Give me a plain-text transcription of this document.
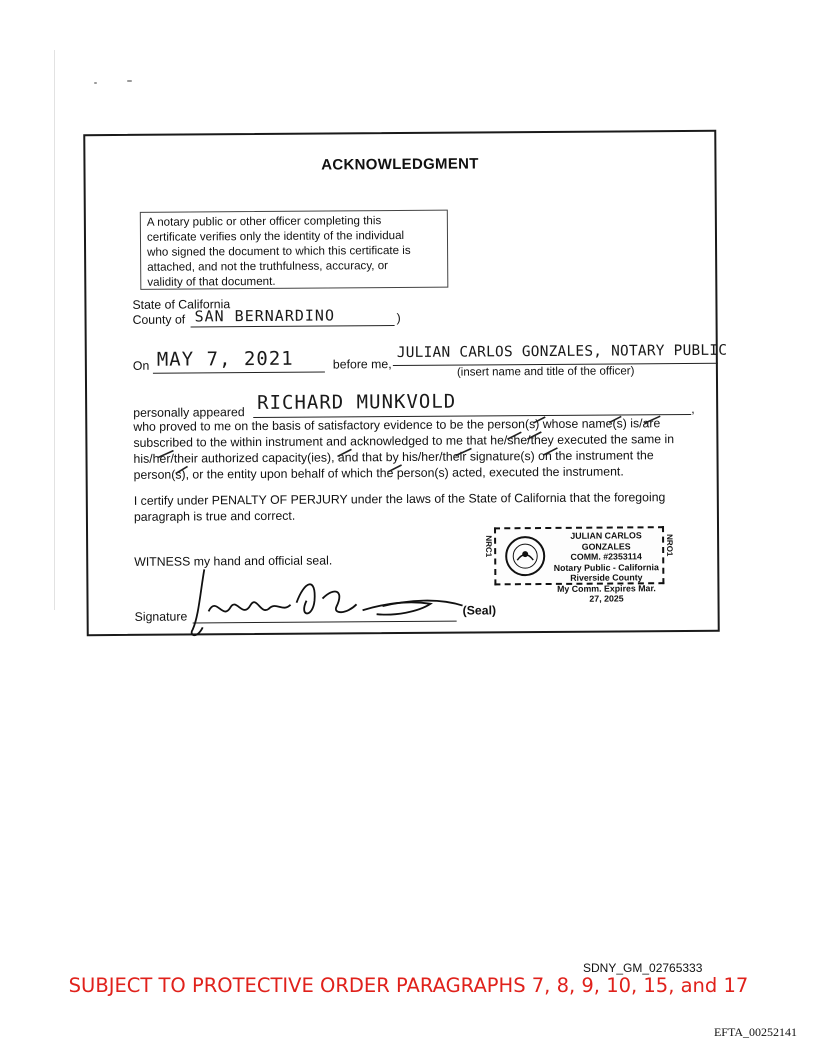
ACKNOWLEDGMENT
A notary public or other officer completing this
certificate verifies only the identity of the individual
who signed the document to which this certificate is
attached, and not the truthfulness, accuracy, or
validity of that document.
State of California
County of SAN BERNARDINO	)
On MAY 7, 2021	before me,
JULIAN CARLOS GONZALES, NOTARY PUBLIC
(insert name and title of the officer)
personally appeared RICHARD MUNKVOLD	,
who proved to me on the basis of satisfactory evidence to be the person(s) whose name(s) is/are
subscribed to the within instrument and acknowledged to me that he/she/they executed the same in
his/her/their authorized capacity(ies), and that by his/her/their signature(s) on the instrument the
person(s), or the entity upon behalf of which the person(s) acted, executed the instrument.
I certify under PENALTY OF PERJURY under the laws of the State of California that the foregoing
paragraph is true and correct.
WITNESS my hand and official seal.
JULIAN CARLOS GONZALES
COMM. #2353114
Notary Public - California
Riverside County
My Comm. Expires Mar. 27, 2025
NRC1	NRO1
Signature	(Seal)
SDNY_GM_02765333
SUBJECT TO PROTECTIVE ORDER PARAGRAPHS 7, 8, 9, 10, 15, and 17
EFTA_00252141
